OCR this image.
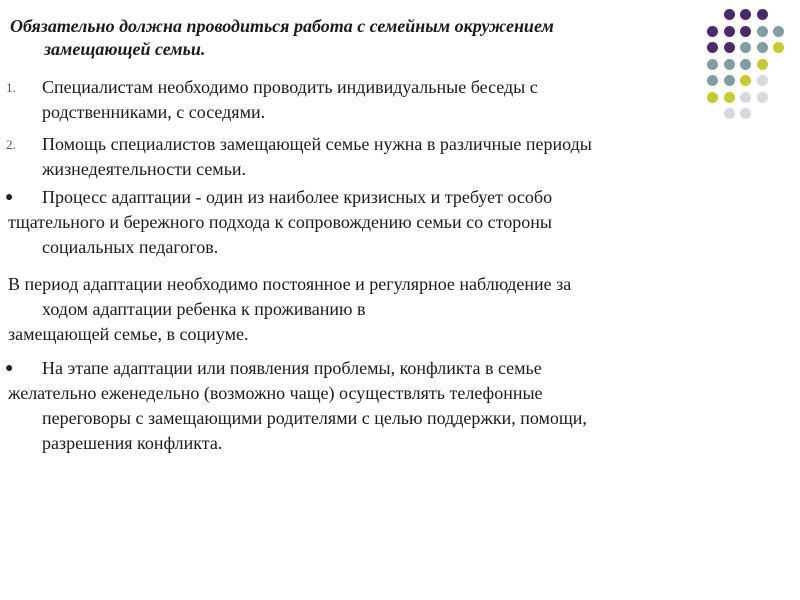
Обязательно должна проводиться работа с семейным окружением
замещающей семьи.

1.	Специалистам необходимо проводить индивидуальные беседы с
родственниками, с соседями.
2.	Помощь специалистов замещающей семье нужна в различные периоды
жизнедеятельности семьи.
●	Процесс адаптации - один из наиболее кризисных и требует особо
тщательного и бережного подхода к сопровождению семьи со стороны
социальных педагогов.
В период адаптации необходимо постоянное и регулярное наблюдение за
ходом адаптации ребенка к проживанию в
замещающей семье, в социуме.
●	На этапе адаптации или появления проблемы, конфликта в семье
желательно еженедельно (возможно чаще) осуществлять телефонные
переговоры с замещающими родителями с целью поддержки, помощи,
разрешения конфликта.
